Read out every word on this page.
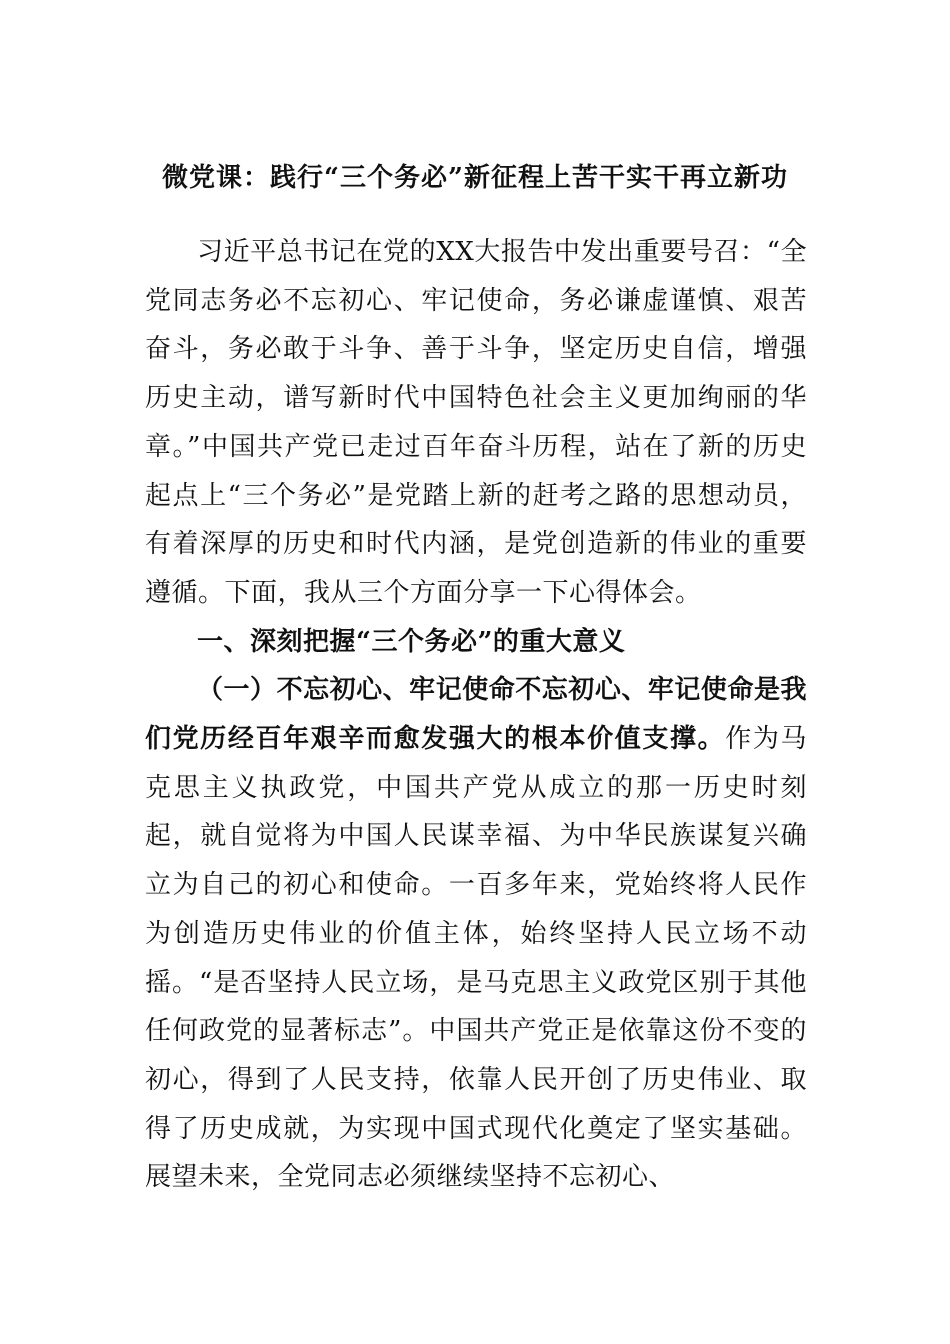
微党课：践行“三个务必”新征程上苦干实干再立新功

习近平总书记在党的XX大报告中发出重要号召：“全党同志务必不忘初心、牢记使命，务必谦虚谨慎、艰苦奋斗，务必敢于斗争、善于斗争，坚定历史自信，增强历史主动，谱写新时代中国特色社会主义更加绚丽的华章。”中国共产党已走过百年奋斗历程，站在了新的历史起点上“三个务必”是党踏上新的赶考之路的思想动员，有着深厚的历史和时代内涵，是党创造新的伟业的重要遵循。下面，我从三个方面分享一下心得体会。

一、深刻把握“三个务必”的重大意义

（一）不忘初心、牢记使命不忘初心、牢记使命是我们党历经百年艰辛而愈发强大的根本价值支撑。作为马克思主义执政党，中国共产党从成立的那一历史时刻起，就自觉将为中国人民谋幸福、为中华民族谋复兴确立为自己的初心和使命。一百多年来，党始终将人民作为创造历史伟业的价值主体，始终坚持人民立场不动摇。“是否坚持人民立场，是马克思主义政党区别于其他任何政党的显著标志”。中国共产党正是依靠这份不变的初心，得到了人民支持，依靠人民开创了历史伟业、取得了历史成就，为实现中国式现代化奠定了坚实基础。展望未来，全党同志必须继续坚持不忘初心、
